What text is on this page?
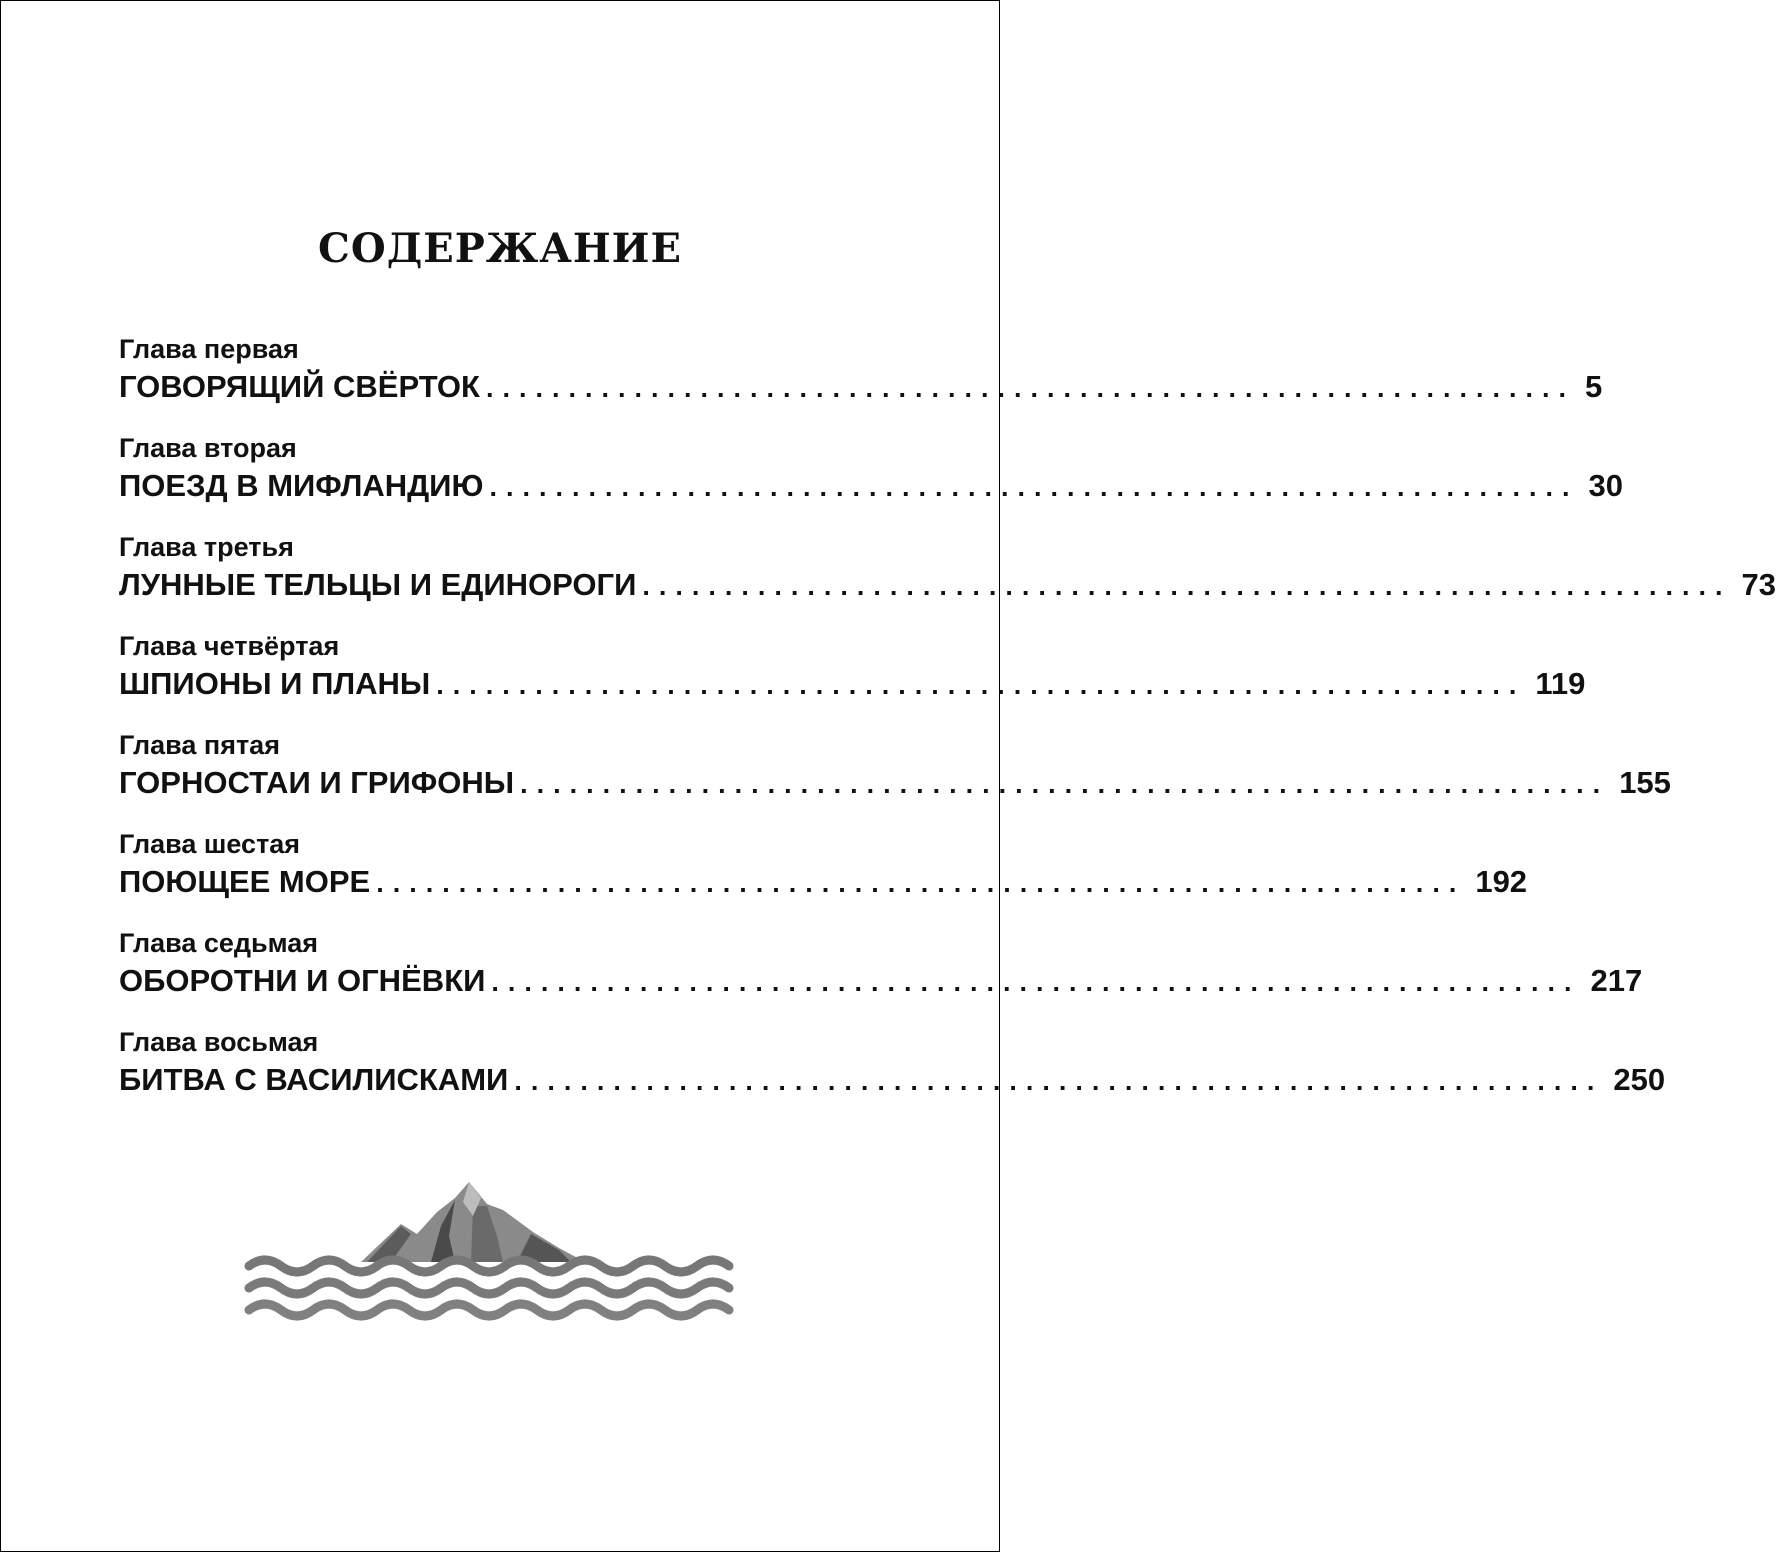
СОДЕРЖАНИЕ
Глава первая
ГОВОРЯЩИЙ СВЁРТОК .................................................................. 5
Глава вторая
ПОЕЗД В МИФЛАНДИЮ .................................................................. 30
Глава третья
ЛУННЫЕ ТЕЛЬЦЫ И ЕДИНОРОГИ .................................................................. 73
Глава четвёртая
ШПИОНЫ И ПЛАНЫ .................................................................. 119
Глава пятая
ГОРНОСТАИ И ГРИФОНЫ .................................................................. 155
Глава шестая
ПОЮЩЕЕ МОРЕ .................................................................. 192
Глава седьмая
ОБОРОТНИ И ОГНЁВКИ .................................................................. 217
Глава восьмая
БИТВА С ВАСИЛИСКАМИ .................................................................. 250
